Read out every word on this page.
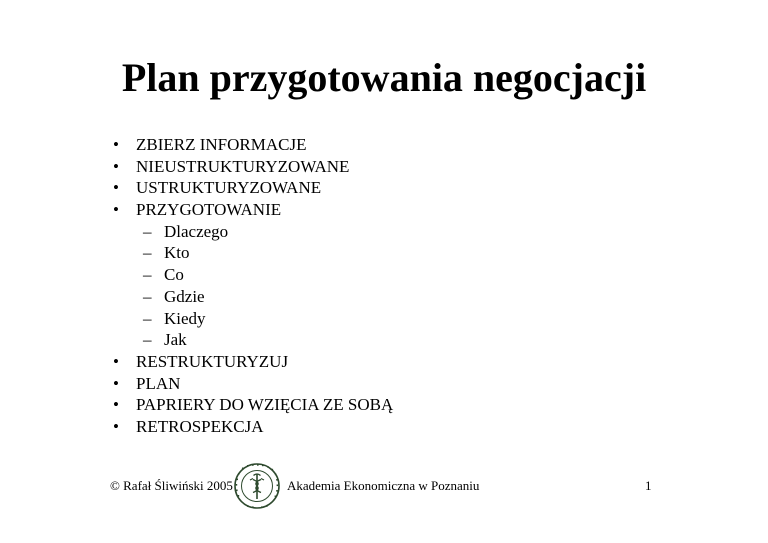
Plan przygotowania negocjacji
• ZBIERZ INFORMACJE
• NIEUSTRUKTURYZOWANE
• USTRUKTURYZOWANE
• PRZYGOTOWANIE
– Dlaczego
– Kto
– Co
– Gdzie
– Kiedy
– Jak
• RESTRUKTURYZUJ
• PLAN
• PAPRIERY DO WZIĘCIA ZE SOBĄ
• RETROSPEKCJA
© Rafał Śliwiński 2005	Akademia Ekonomiczna w Poznaniu	1
